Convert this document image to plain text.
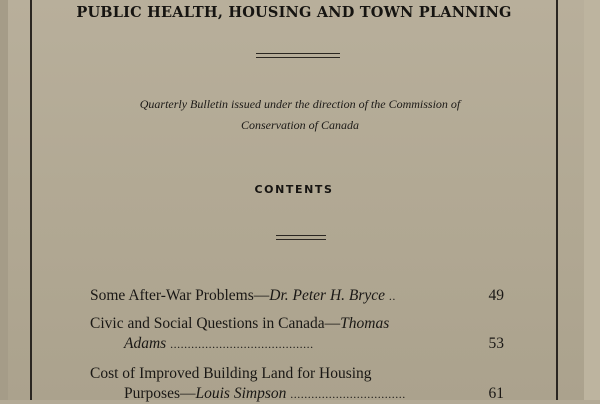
PUBLIC HEALTH, HOUSING AND TOWN PLANNING
Quarterly Bulletin issued under the direction of the Commission of
Conservation of Canada
CONTENTS
Some After-War Problems—Dr. Peter H. Bryce ..	49
Civic and Social Questions in Canada—Thomas
Adams .........................................	53
Cost of Improved Building Land for Housing
Purposes—Louis Simpson .................................	61
